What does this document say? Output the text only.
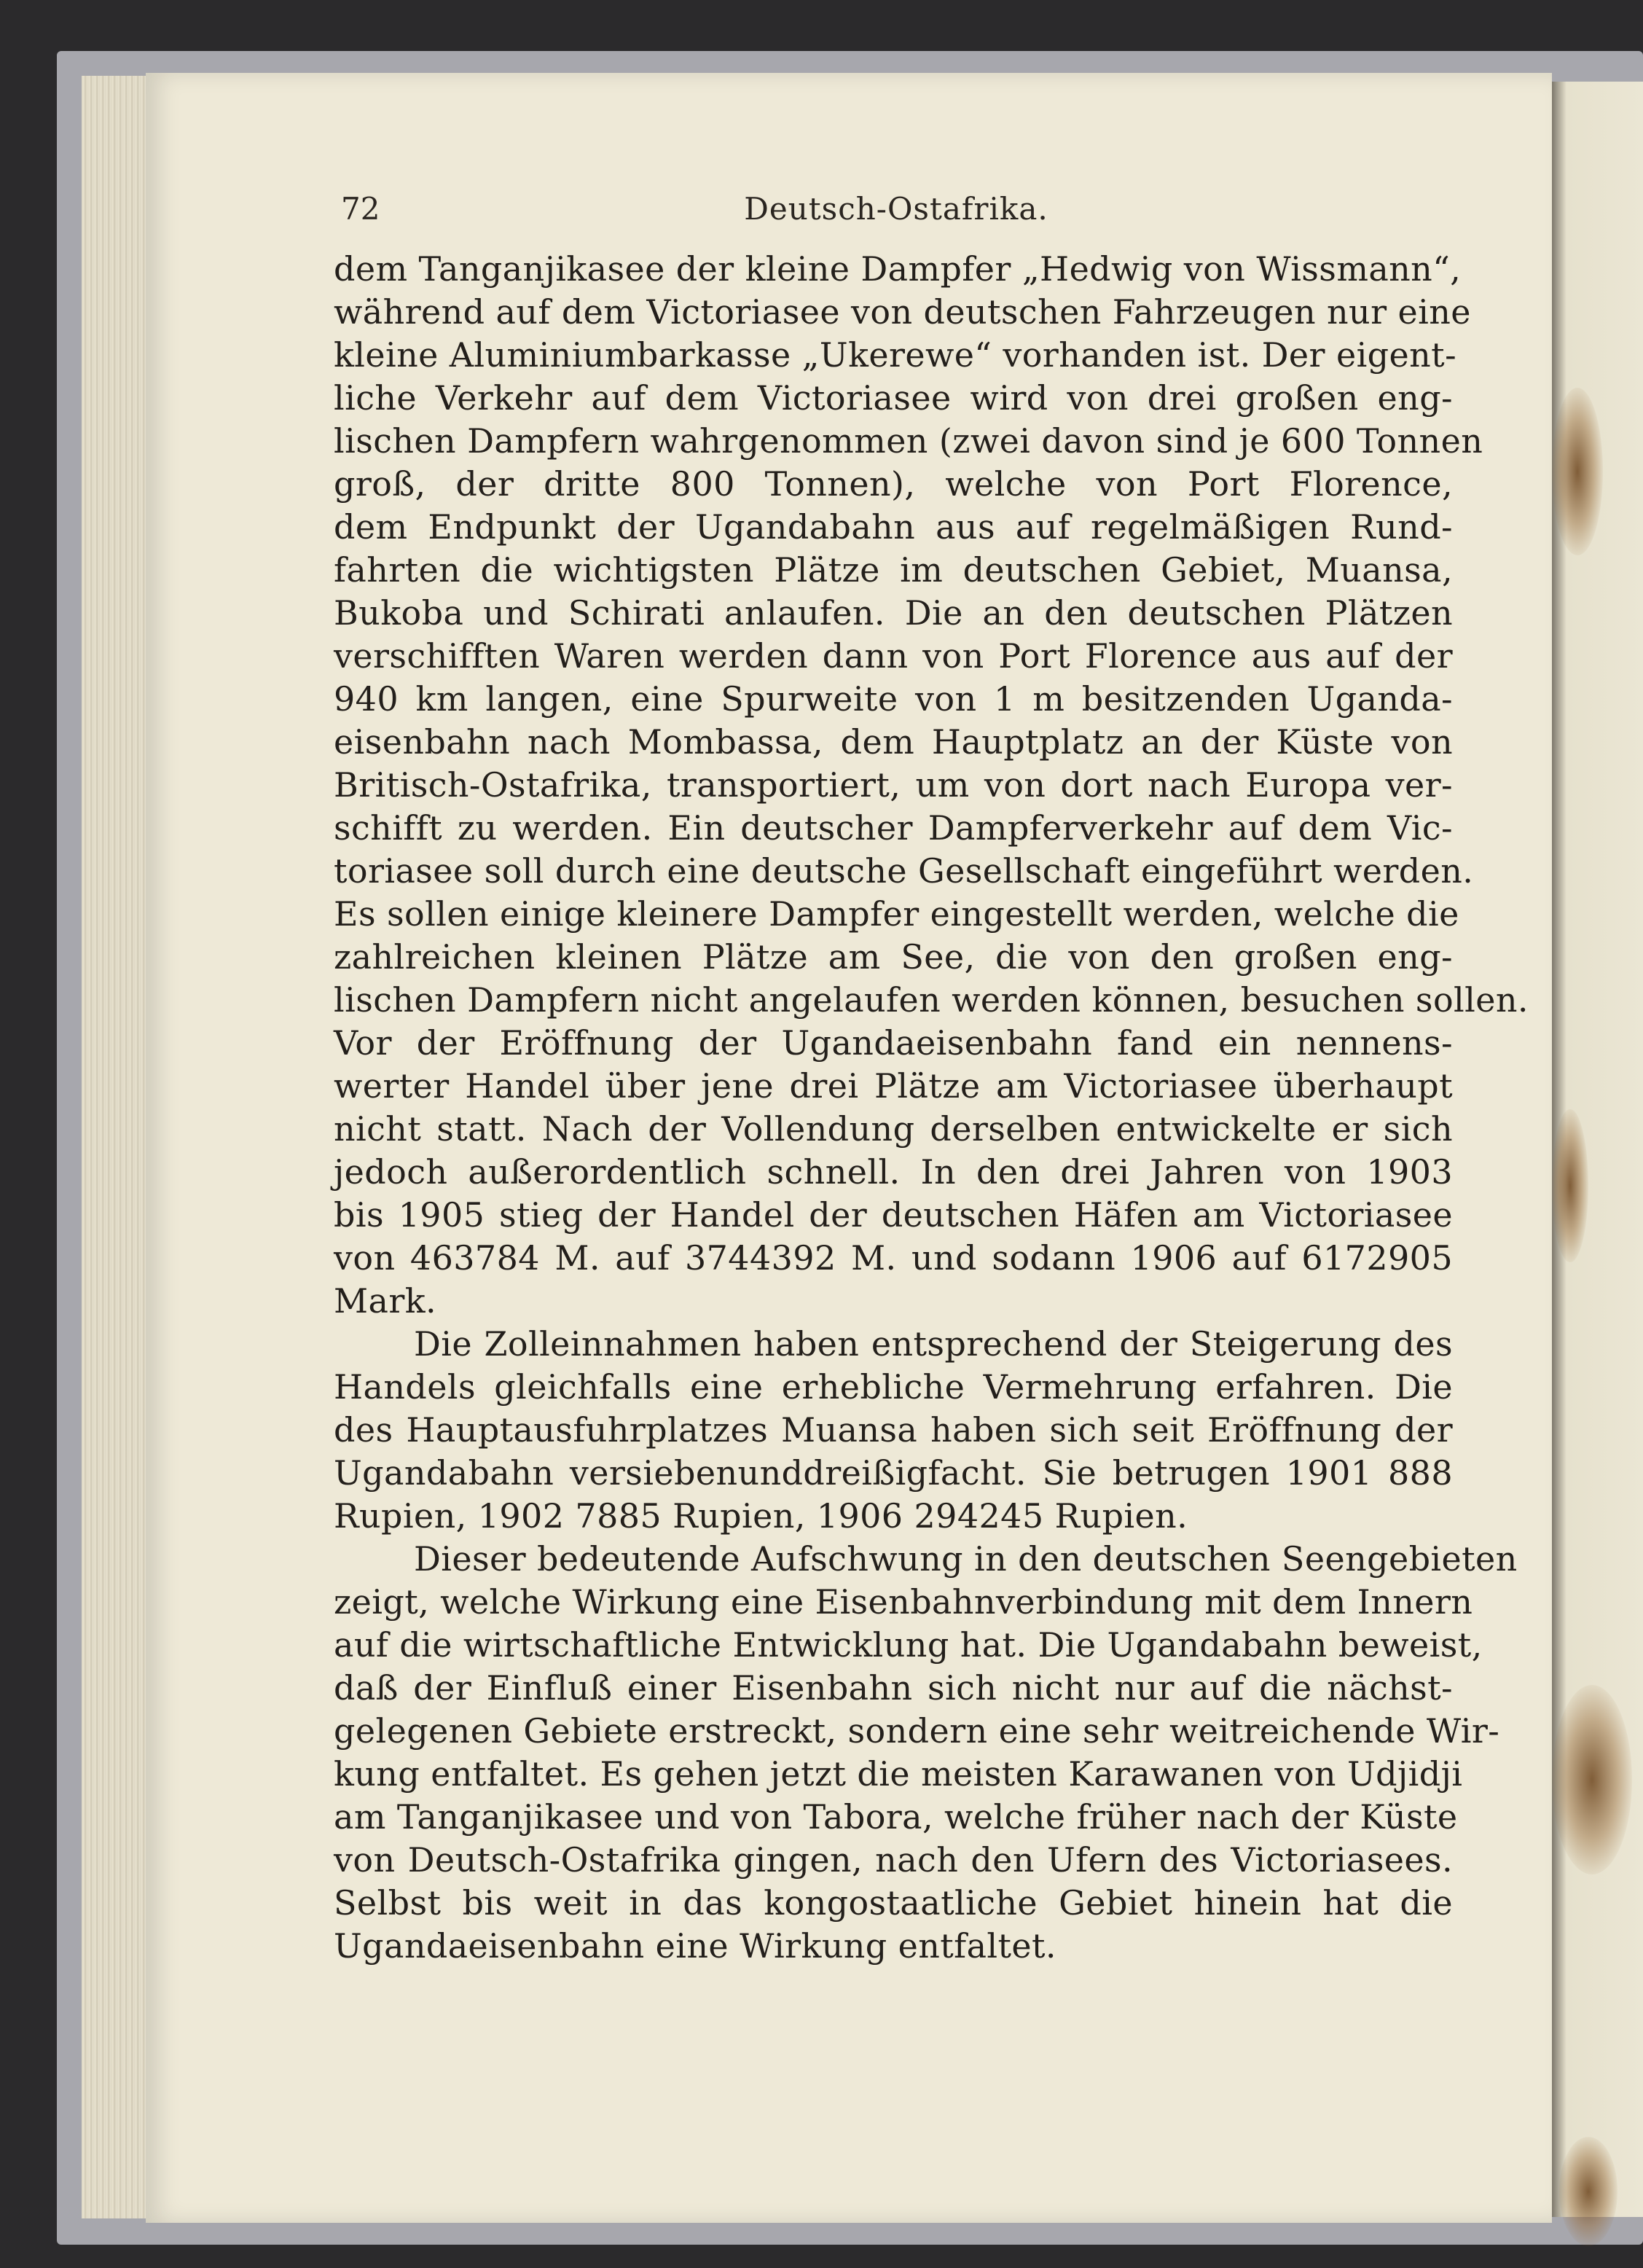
72	Deutsch-Ostafrika.
dem Tanganjikasee der kleine Dampfer „Hedwig von Wissmann“,
während auf dem Victoriasee von deutschen Fahrzeugen nur eine
kleine Aluminiumbarkasse „Ukerewe“ vorhanden ist. Der eigent-
liche Verkehr auf dem Victoriasee wird von drei großen eng-
lischen Dampfern wahrgenommen (zwei davon sind je 600 Tonnen
groß, der dritte 800 Tonnen), welche von Port Florence,
dem Endpunkt der Ugandabahn aus auf regelmäßigen Rund-
fahrten die wichtigsten Plätze im deutschen Gebiet, Muansa,
Bukoba und Schirati anlaufen. Die an den deutschen Plätzen
verschifften Waren werden dann von Port Florence aus auf der
940 km langen, eine Spurweite von 1 m besitzenden Uganda-
eisenbahn nach Mombassa, dem Hauptplatz an der Küste von
Britisch-Ostafrika, transportiert, um von dort nach Europa ver-
schifft zu werden. Ein deutscher Dampferverkehr auf dem Vic-
toriasee soll durch eine deutsche Gesellschaft eingeführt werden.
Es sollen einige kleinere Dampfer eingestellt werden, welche die
zahlreichen kleinen Plätze am See, die von den großen eng-
lischen Dampfern nicht angelaufen werden können, besuchen sollen.
Vor der Eröffnung der Ugandaeisenbahn fand ein nennens-
werter Handel über jene drei Plätze am Victoriasee überhaupt
nicht statt. Nach der Vollendung derselben entwickelte er sich
jedoch außerordentlich schnell. In den drei Jahren von 1903
bis 1905 stieg der Handel der deutschen Häfen am Victoriasee
von 463784 M. auf 3744392 M. und sodann 1906 auf 6172905
Mark.
Die Zolleinnahmen haben entsprechend der Steigerung des
Handels gleichfalls eine erhebliche Vermehrung erfahren. Die
des Hauptausfuhrplatzes Muansa haben sich seit Eröffnung der
Ugandabahn versiebenunddreißigfacht. Sie betrugen 1901 888
Rupien, 1902 7885 Rupien, 1906 294245 Rupien.
Dieser bedeutende Aufschwung in den deutschen Seengebieten
zeigt, welche Wirkung eine Eisenbahnverbindung mit dem Innern
auf die wirtschaftliche Entwicklung hat. Die Ugandabahn beweist,
daß der Einfluß einer Eisenbahn sich nicht nur auf die nächst-
gelegenen Gebiete erstreckt, sondern eine sehr weitreichende Wir-
kung entfaltet. Es gehen jetzt die meisten Karawanen von Udjidji
am Tanganjikasee und von Tabora, welche früher nach der Küste
von Deutsch-Ostafrika gingen, nach den Ufern des Victoriasees.
Selbst bis weit in das kongostaatliche Gebiet hinein hat die
Ugandaeisenbahn eine Wirkung entfaltet.
